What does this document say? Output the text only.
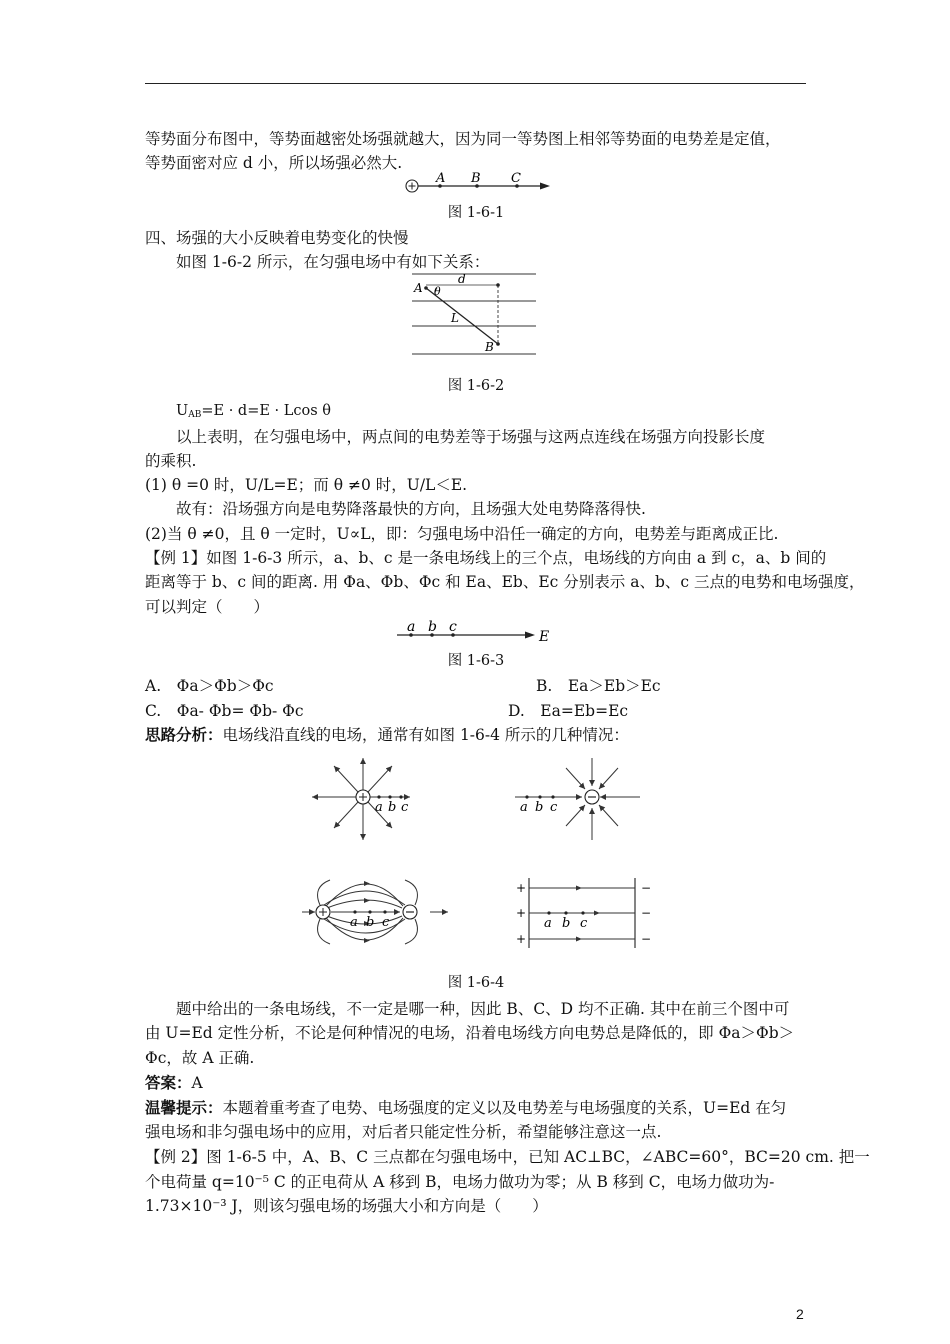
等势面分布图中，等势面越密处场强就越大，因为同一等势图上相邻等势面的电势差是定值，
等势面密对应 d 小，所以场强必然大.
A B C
图 1-6-1
四、场强的大小反映着电势变化的快慢
如图 1-6-2 所示，在匀强电场中有如下关系：
A θ
d
L
B
图 1-6-2
$U_{AB}=E \cdot d=E \cdot Lcos$ θ
以上表明，在匀强电场中，两点间的电势差等于场强与这两点连线在场强方向投影长度
的乘积.
(1) θ =0 时，U/L=E；而 θ ≠0 时，U/L＜E.
故有：沿场强方向是电势降落最快的方向，且场强大处电势降落得快.
(2)当 θ ≠0，且 θ 一定时，U∝L，即：匀强电场中沿任一确定的方向，电势差与距离成正比.
【例 1】如图 1-6-3 所示，a、b、c 是一条电场线上的三个点，电场线的方向由 a 到 c，a、b 间的
距离等于 b、c 间的距离. 用 Φa、Φb、Φc 和 Ea、Eb、Ec 分别表示 a、b、c 三点的电势和电场强度，
可以判定（　　）
a b c
E
图 1-6-3
A.　Φa＞Φb＞Φc	B.　Ea＞Eb＞Ec
C.　Φa- Φb= Φb- Φc	D.　Ea=Eb=Ec
思路分析：电场线沿直线的电场，通常有如图 1-6-4 所示的几种情况：
a b c	a b c
a b c	a b c
+
+
+
−
−
−
图 1-6-4
题中给出的一条电场线，不一定是哪一种，因此 B、C、D 均不正确. 其中在前三个图中可
由 U=Ed 定性分析，不论是何种情况的电场，沿着电场线方向电势总是降低的，即 Φa＞Φb＞
Φc，故 A 正确.
答案：A
温馨提示：本题着重考查了电势、电场强度的定义以及电势差与电场强度的关系，U=Ed 在匀
强电场和非匀强电场中的应用，对后者只能定性分析，希望能够注意这一点.
【例 2】图 1-6-5 中，A、B、C 三点都在匀强电场中，已知 AC⊥BC，∠ABC=60°，BC=20 cm. 把一
个电荷量 q=10⁻⁵ C 的正电荷从 A 移到 B，电场力做功为零；从 B 移到 C，电场力做功为-
1.73×10⁻³ J，则该匀强电场的场强大小和方向是（　　）
2
